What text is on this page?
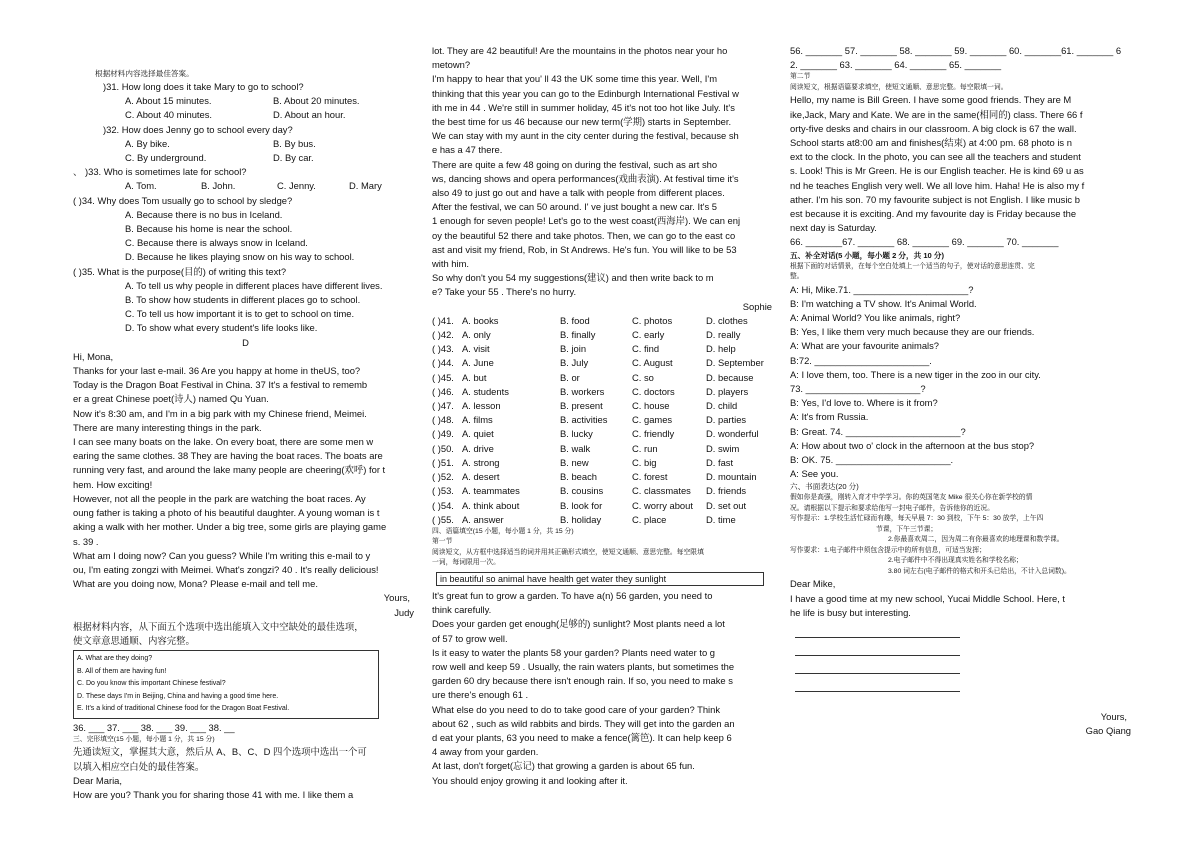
根据材料内容选择最佳答案。
)31. How long does it take Mary to go to school?
A. About 15 minutes.	B. About 20 minutes.
C. About 40 minutes.	D. About an hour.
)32. How does Jenny go to school every day?
A. By bike.	B. By bus.
C. By underground.	D. By car.
、 )33. Who is sometimes late for school?
A. Tom.	B. John.	C. Jenny.	D. Mary
( )34. Why does Tom usually go to school by sledge?
A. Because there is no bus in Iceland.
B. Because his home is near the school.
C. Because there is always snow in Iceland.
D. Because he likes playing snow on his way to school.
( )35. What is the purpose(目的) of writing this text?
A. To tell us why people in different places have different lives.
B. To show how students in different places go to school.
C. To tell us how important it is to get to school on time.
D. To show what every student's life looks like.
D
Hi, Mona,
Thanks for your last e-mail. 36 Are you happy at home in theUS, too?
Today is the Dragon Boat Festival in China. 37 It's a festival to rememb
er a great Chinese poet(诗人) named Qu Yuan.
Now it's 8:30 am, and I'm in a big park with my Chinese friend, Meimei.
There are many interesting things in the park.
I can see many boats on the lake. On every boat, there are some men w
earing the same clothes. 38 They are having the boat races. The boats are
running very fast, and around the lake many people are cheering(欢呼) for t
hem. How exciting!
However, not all the people in the park are watching the boat races. Ay
oung father is taking a photo of his beautiful daughter. A young woman is t
aking a walk with her mother. Under a big tree, some girls are playing game
s. 39 .
What am I doing now? Can you guess? While I'm writing this e-mail to y
ou, I'm eating zongzi with Meimei. What's zongzi? 40 . It's really delicious!
What are you doing now, Mona? Please e-mail and tell me.
Yours,
Judy
根据材料内容，从下面五个选项中选出能填入文中空缺处的最佳选项，
使文章意思通顺、内容完整。
A. What are they doing?
B. All of them are having fun!
C. Do you know this important Chinese festival?
D. These days I'm in Beijing, China and having a good time here.
E. It's a kind of traditional Chinese food for the Dragon Boat Festival.
36. ___ 37. ___ 38. ___ 39. ___ 38. __
三、完形填空(15 小题，每小题 1 分，共 15 分)
先通读短文，掌握其大意，然后从 A、B、C、D 四个选项中选出一个可
以填入相应空白处的最佳答案。
Dear Maria,
How are you? Thank you for sharing those 41 with me. I like them a
lot. They are 42 beautiful! Are the mountains in the photos near your ho
metown?
I'm happy to hear that you' ll 43 the UK some time this year. Well, I'm
thinking that this year you can go to the Edinburgh International Festival w
ith me in 44 . We're still in summer holiday, 45 it's not too hot like July. It's
the best time for us 46 because our new term(学期) starts in September.
We can stay with my aunt in the city center during the festival, because sh
e has a 47 there.
There are quite a few 48 going on during the festival, such as art sho
ws, dancing shows and opera performances(戏曲表演). At festival time it's
also 49 to just go out and have a talk with people from different places.
After the festival, we can 50 around. I' ve just bought a new car. It's 5
1 enough for seven people! Let's go to the west coast(西海岸). We can enj
oy the beautiful 52 there and take photos. Then, we can go to the east co
ast and visit my friend, Rob, in St Andrews. He's fun. You will like to be 53
with him.
So why don't you 54 my suggestions(建议) and then write back to m
e? Take your 55 . There's no hurry.
Sophie
( )41. A. books	B. food	C. photos	D. clothes
( )42. A. only	B. finally	C. early	D. really
( )43. A. visit	B. join	C. find	D. help
( )44. A. June	B. July	C. August	D. September
( )45. A. but	B. or	C. so	D. because
( )46. A. students	B. workers	C. doctors	D. players
( )47. A. lesson	B. present	C. house	D. child
( )48. A. films	B. activities	C. games	D. parties
( )49. A. quiet	B. lucky	C. friendly	D. wonderful
( )50. A. drive	B. walk	C. run	D. swim
( )51. A. strong	B. new	C. big	D. fast
( )52. A. desert	B. beach	C. forest	D. mountain
( )53. A. teammates	B. cousins	C. classmates	D. friends
( )54. A. think about	B. look for	C. worry about	D. set out
( )55. A. answer	B. holiday	C. place	D. time
四、语篇填空(15 小题，每小题 1 分，共 15 分)
第一节
阅读短文，从方框中选择适当的词并用其正确形式填空，使短文通顺、意思完整。每空限填
一词，每词限用一次。
in beautiful so animal have health get water they sunlight
It's great fun to grow a garden. To have a(n) 56 garden, you need to
think carefully.
Does your garden get enough(足够的) sunlight? Most plants need a lot
of 57 to grow well.
Is it easy to water the plants 58 your garden? Plants need water to g
row well and keep 59 . Usually, the rain waters plants, but sometimes the
garden 60 dry because there isn't enough rain. If so, you need to make s
ure there's enough 61 .
What else do you need to do to take good care of your garden? Think
about 62 , such as wild rabbits and birds. They will get into the garden an
d eat your plants, 63 you need to make a fence(篱笆). It can help keep 6
4 away from your garden.
At last, don't forget(忘记) that growing a garden is about 65 fun.
You should enjoy growing it and looking after it.
56. _______ 57. _______ 58. _______ 59. _______ 60. _______61. _______ 6
2. _______ 63. _______ 64. _______ 65. _______
第二节
阅读短文，根据语篇要求填空，使短文通顺、意思完整。每空限填一词。
Hello, my name is Bill Green. I have some good friends. They are M
ike,Jack, Mary and Kate. We are in the same(相同的) class. There 66 f
orty-five desks and chairs in our classroom. A big clock is 67 the wall.
School starts at8:00 am and finishes(结束) at 4:00 pm. 68 photo is n
ext to the clock. In the photo, you can see all the teachers and student
s. Look! This is Mr Green. He is our English teacher. He is kind 69 u as
nd he teaches English very well. We all love him. Haha! He is also my f
ather. I'm his son. 70 my favourite subject is not English. I like music b
est because it is exciting. And my favourite day is Friday because the
next day is Saturday.
66. _______67. _______ 68. _______ 69. _______ 70. _______
五、补全对话(5 小题，每小题 2 分，共 10 分)
根据下面的对话情景，在每个空白处填上一个适当的句子，使对话的意思连贯、完
整。
A: Hi, Mike.71. ______________________?
B: I'm watching a TV show. It's Animal World.
A: Animal World? You like animals, right?
B: Yes, I like them very much because they are our friends.
A: What are your favourite animals?
B:72. ______________________.
A: I love them, too. There is a new tiger in the zoo in our city.
73. ______________________?
B: Yes, I'd love to. Where is it from?
A: It's from Russia.
B: Great. 74. ______________________?
A: How about two o' clock in the afternoon at the bus stop?
B: OK. 75. ______________________.
A: See you.
六、书面表达(20 分)
假如你是高强，刚转入育才中学学习。你的英国笔友 Mike 很关心你在新学校的情
况。请根据以下提示和要求给他写一封电子邮件，告诉他你的近况。
写作提示：1.学校生活忙碌而有趣，每天早晨 7：30 到校，下午 5：30 放学，上午四
节课，下午三节课；
2.你最喜欢周二，因为周二有你最喜欢的地理课和数学课。
写作要求：1.电子邮件中须包含提示中的所有信息，可适当发挥；
2.电子邮件中不得出现真实姓名和学校名称；
3.80 词左右(电子邮件的格式和开头已给出，不计入总词数)。
Dear Mike,
I have a good time at my new school, Yucai Middle School. Here, t
he life is busy but interesting.
Yours,
Gao Qiang
